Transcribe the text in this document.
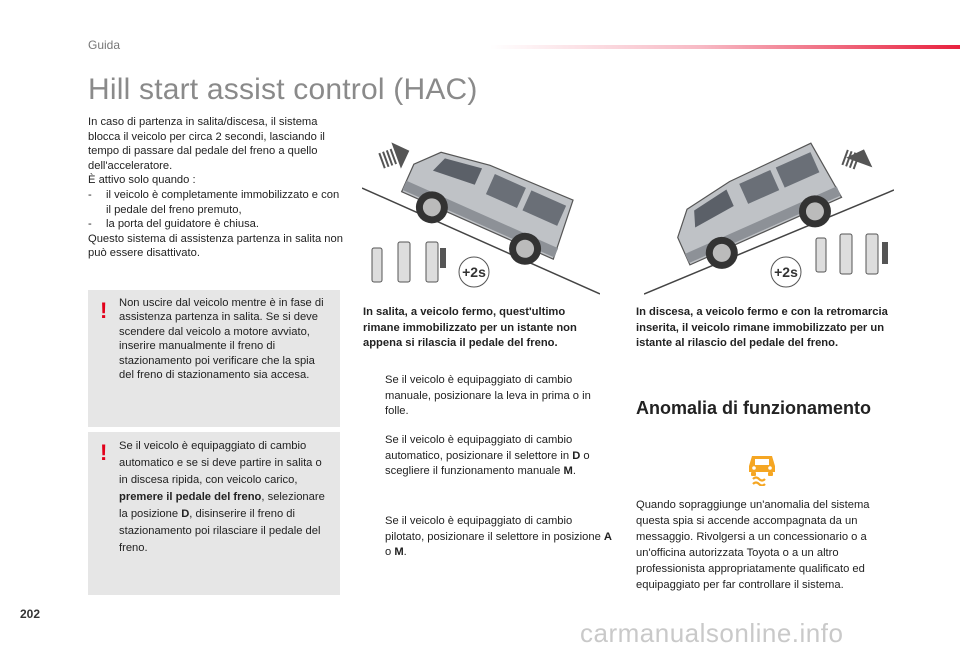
Guida
Hill start assist control (HAC)

In caso di partenza in salita/discesa, il sistema blocca il veicolo per circa 2 secondi, lasciando il tempo di passare dal pedale del freno a quello dell'acceleratore.

È attivo solo quando :

-	il veicolo è completamente immobilizzato e con il pedale del freno premuto,
-	la porta del guidatore è chiusa.

Questo sistema di assistenza partenza in salita non può essere disattivato.

! Non uscire dal veicolo mentre è in fase di assistenza partenza in salita. Se si deve scendere dal veicolo a motore avviato, inserire manualmente il freno di stazionamento poi verificare che la spia del freno di stazionamento sia accesa.
! Se il veicolo è equipaggiato di cambio automatico e se si deve partire in salita o in discesa ripida, con veicolo carico, premere il pedale del freno, selezionare la posizione D, disinserire il freno di stazionamento poi rilasciare il pedale del freno.
+2s	+2s
In salita, a veicolo fermo, quest'ultimo rimane immobilizzato per un istante non appena si rilascia il pedale del freno.
Se il veicolo è equipaggiato di cambio manuale, posizionare la leva in prima o in folle.
Se il veicolo è equipaggiato di cambio automatico, posizionare il selettore in D o scegliere il funzionamento manuale M.
Se il veicolo è equipaggiato di cambio pilotato, posizionare il selettore in posizione A o M.
In discesa, a veicolo fermo e con la retromarcia inserita, il veicolo rimane immobilizzato per un istante al rilascio del pedale del freno.
Anomalia di funzionamento
Quando sopraggiunge un'anomalia del sistema questa spia si accende accompagnata da un messaggio. Rivolgersi a un concessionario o a un'officina autorizzata Toyota o a un altro professionista appropriatamente qualificato ed equipaggiato per far controllare il sistema.
202
carmanualsonline.info
